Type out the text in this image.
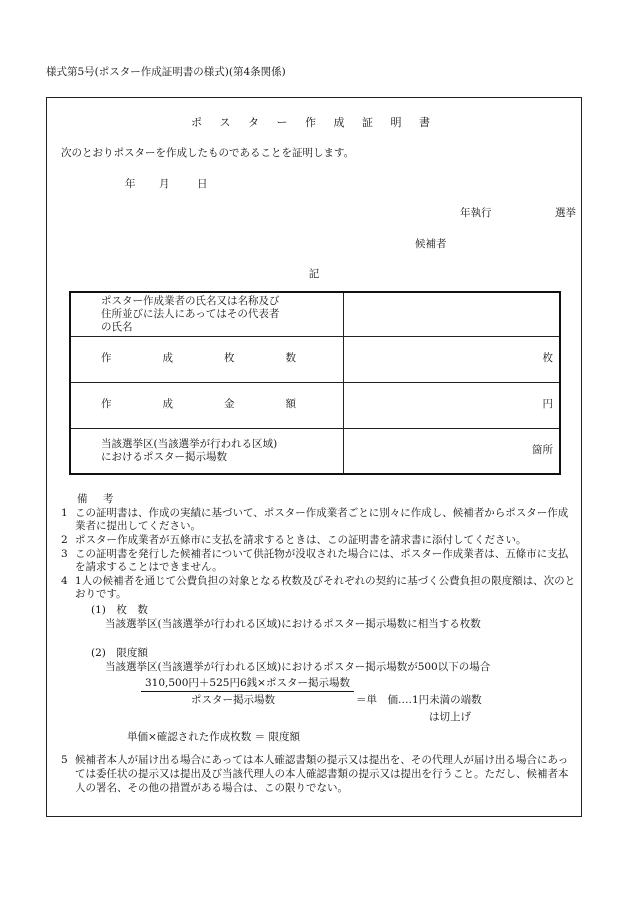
様式第5号(ポスター作成証明書の様式)(第4条関係)
ポ ス タ ー 作 成 証 明 書
次のとおりポスターを作成したものであることを証明します。
年 月	日
年執行	選挙
候補者
記
ポスター作成業者の氏名又は名称及び
住所並びに法人にあってはその代表者
の氏名	

作 成 枚 数	枚

作 成 金 額	円

当該選挙区(当該選挙が行われる区域)
におけるポスター掲示場数	箇所
備 考
1 この証明書は、作成の実績に基づいて、ポスター作成業者ごとに別々に作成し、候補者からポスター作成業者に提出してください。
2 ポスター作成業者が五條市に支払を請求するときは、この証明書を請求書に添付してください。
3 この証明書を発行した候補者について供託物が没収された場合には、ポスター作成業者は、五條市に支払を請求することはできません。
4 1人の候補者を通じて公費負担の対象となる枚数及びそれぞれの契約に基づく公費負担の限度額は、次のとおりです。
(1)　枚　数
当該選挙区(当該選挙が行われる区域)におけるポスター掲示場数に相当する枚数
(2)　限度額
当該選挙区(当該選挙が行われる区域)におけるポスター掲示場数が500以下の場合
310,500円＋525円6銭×ポスター掲示場数
ポスター掲示場数	＝単　価‥‥1円未満の端数
は切上げ
単価×確認された作成枚数 ＝ 限度額
5 候補者本人が届け出る場合にあっては本人確認書類の提示又は提出を、その代理人が届け出る場合にあっては委任状の提示又は提出及び当該代理人の本人確認書類の提示又は提出を行うこと。ただし、候補者本人の署名、その他の措置がある場合は、この限りでない。
